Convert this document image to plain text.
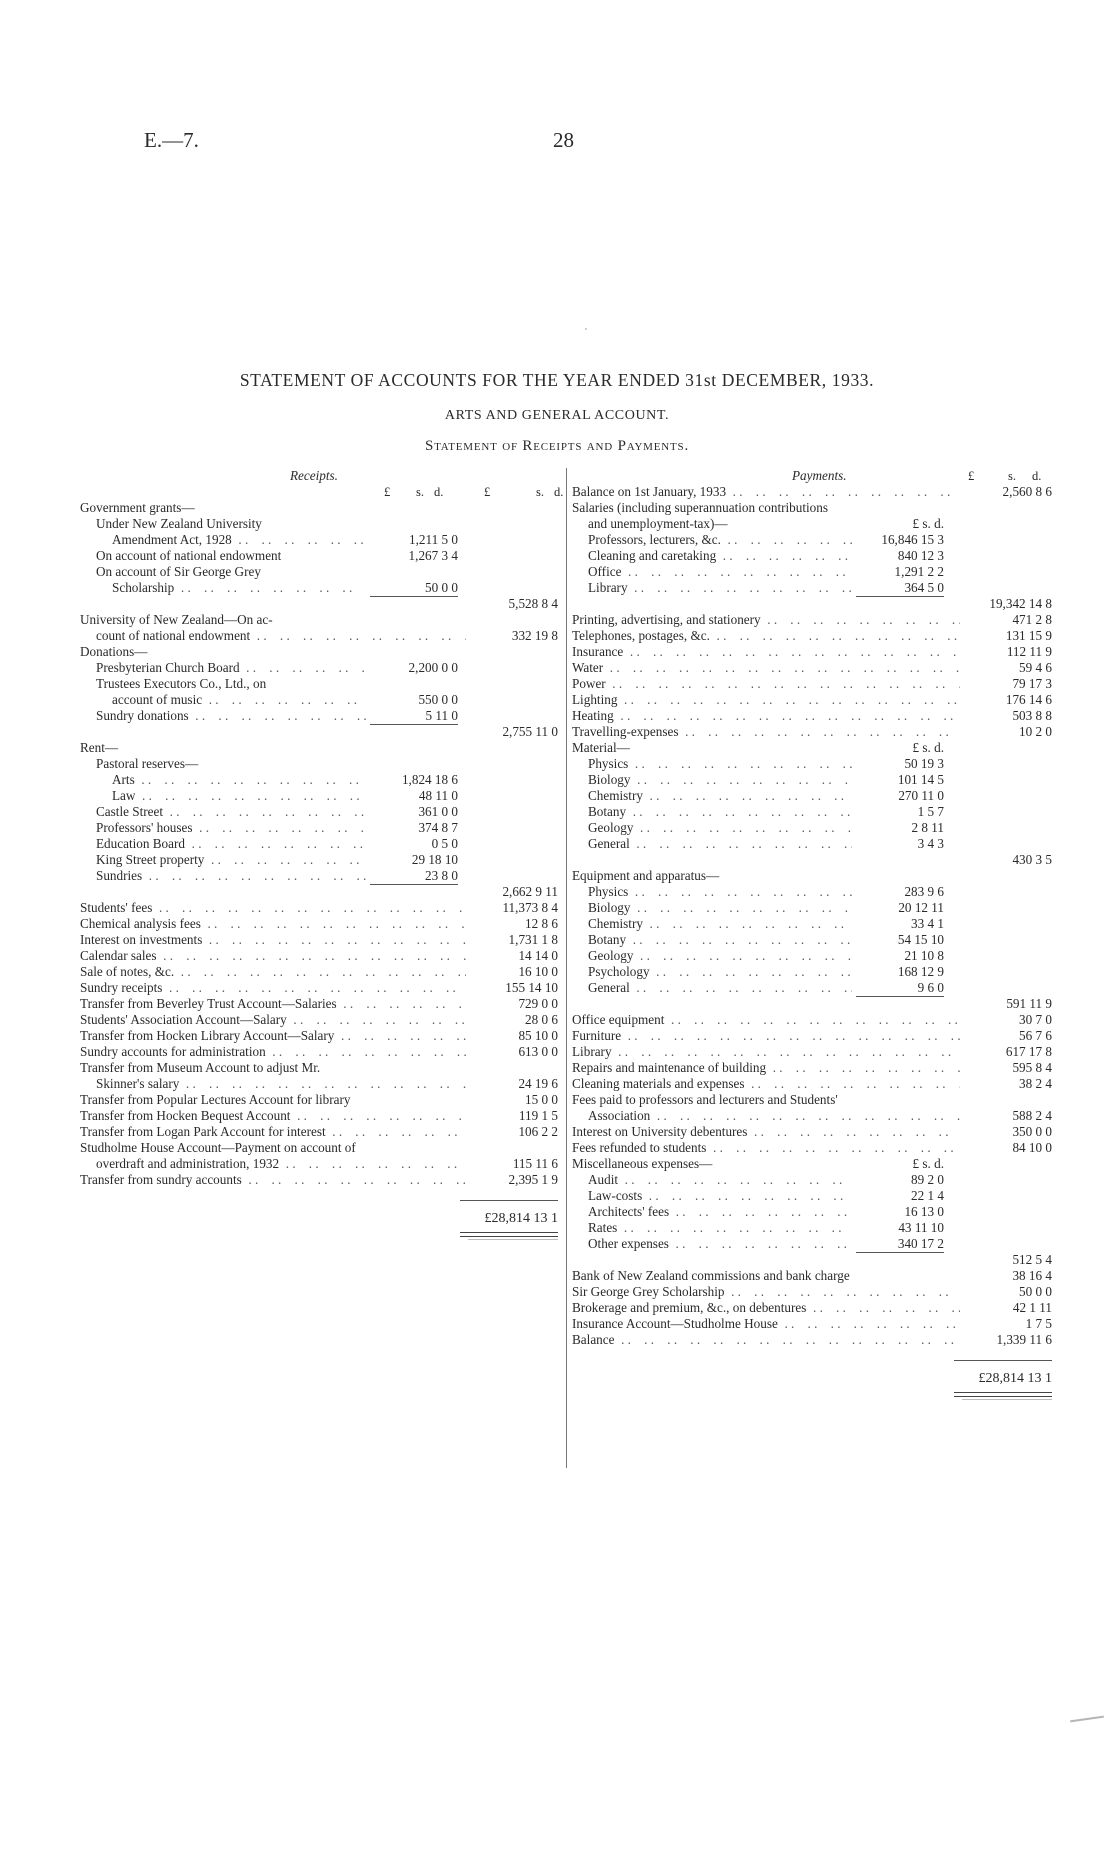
E.—7.	28
STATEMENT OF ACCOUNTS FOR THE YEAR ENDED 31st DECEMBER, 1933.
ARTS AND GENERAL ACCOUNT.
Statement of Receipts and Payments.
Receipts.
£ s. d.	£	s. d.
Government grants—
Under New Zealand University
Amendment Act, 1928 . .	1,211 5 0
On account of national endowment	1,267 3 4
On account of Sir George Grey
Scholarship . .	50 0 0
5,528 8 4
University of New Zealand—On ac-
count of national endowment . .	332 19 8
Donations—
Presbyterian Church Board . .	2,200 0 0
Trustees Executors Co., Ltd., on
account of music . .	550 0 0
Sundry donations . .	5 11 0
2,755 11 0
Rent—
Pastoral reserves—
Arts . .	1,824 18 6
Law . .	48 11 0
Castle Street . .	361 0 0
Professors' houses . .	374 8 7
Education Board . .	0 5 0
King Street property . .	29 18 10
Sundries . .	23 8 0
2,662 9 11
Students' fees . .	11,373 8 4
Chemical analysis fees . .	12 8 6
Interest on investments . .	1,731 1 8
Calendar sales . .	14 14 0
Sale of notes, &c. . .	16 10 0
Sundry receipts . .	155 14 10
Transfer from Beverley Trust Account—Salaries . .	729 0 0
Students' Association Account—Salary . .	28 0 6
Transfer from Hocken Library Account—Salary . .	85 10 0
Sundry accounts for administration . .	613 0 0
Transfer from Museum Account to adjust Mr.
Skinner's salary . .	24 19 6
Transfer from Popular Lectures Account for library	15 0 0
Transfer from Hocken Bequest Account . .	119 1 5
Transfer from Logan Park Account for interest . .	106 2 2
Studholme House Account—Payment on account of
overdraft and administration, 1932 . .	115 11 6
Transfer from sundry accounts . .	2,395 1 9
£28,814 13 1
Payments.	£	s. d.
Balance on 1st January, 1933 . .	2,560 8 6
Salaries (including superannuation contributions
and unemployment-tax)—	£ s. d.
Professors, lecturers, &c. . .	16,846 15 3
Cleaning and caretaking . .	840 12 3
Office . .	1,291 2 2
Library . .	364 5 0
19,342 14 8
Printing, advertising, and stationery . .	471 2 8
Telephones, postages, &c. . .	131 15 9
Insurance . .	112 11 9
Water . .	59 4 6
Power . .	79 17 3
Lighting . .	176 14 6
Heating . .	503 8 8
Travelling-expenses . .	10 2 0
Material—	£ s. d.
Physics . .	50 19 3
Biology . .	101 14 5
Chemistry . .	270 11 0
Botany . .	1 5 7
Geology . .	2 8 11
General . .	3 4 3
430 3 5
Equipment and apparatus—
Physics . .	283 9 6
Biology . .	20 12 11
Chemistry . .	33 4 1
Botany . .	54 15 10
Geology . .	21 10 8
Psychology . .	168 12 9
General . .	9 6 0
591 11 9
Office equipment . .	30 7 0
Furniture . .	56 7 6
Library . .	617 17 8
Repairs and maintenance of building . .	595 8 4
Cleaning materials and expenses . .	38 2 4
Fees paid to professors and lecturers and Students'
Association . .	588 2 4
Interest on University debentures . .	350 0 0
Fees refunded to students . .	84 10 0
Miscellaneous expenses—	£ s. d.
Audit . .	89 2 0
Law-costs . .	22 1 4
Architects' fees . .	16 13 0
Rates . .	43 11 10
Other expenses . .	340 17 2
512 5 4
Bank of New Zealand commissions and bank charge	38 16 4
Sir George Grey Scholarship . .	50 0 0
Brokerage and premium, &c., on debentures . .	42 1 11
Insurance Account—Studholme House . .	1 7 5
Balance . .	1,339 11 6
£28,814 13 1
